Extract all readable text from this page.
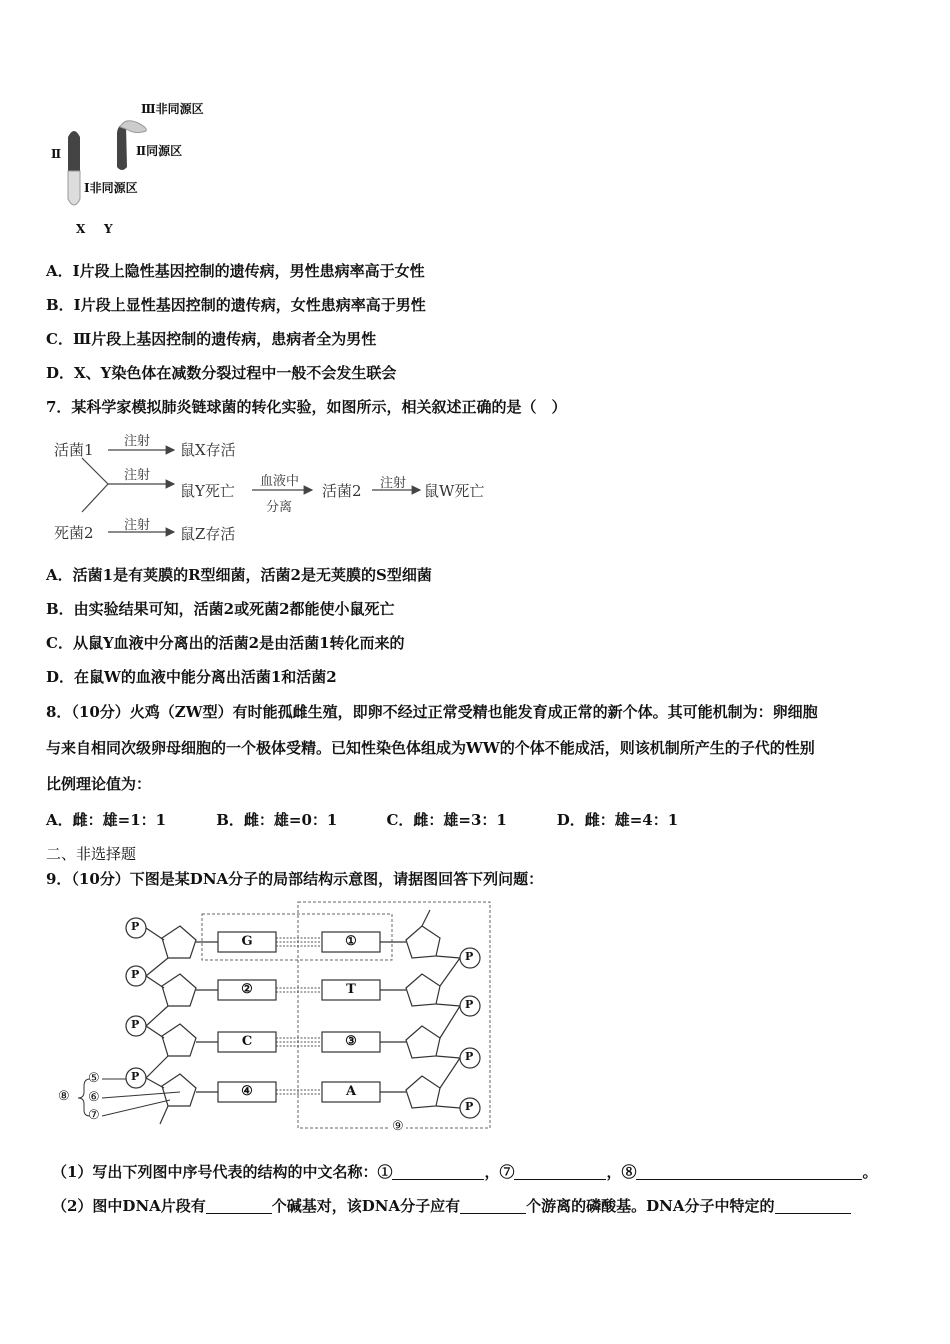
Ⅲ非同源区
Ⅱ	Ⅱ同源区
Ⅰ非同源区
X Y
A．Ⅰ片段上隐性基因控制的遗传病，男性患病率高于女性
B．Ⅰ片段上显性基因控制的遗传病，女性患病率高于男性
C．Ⅲ片段上基因控制的遗传病，患病者全为男性
D．X、Y染色体在减数分裂过程中一般不会发生联会
7．某科学家模拟肺炎链球菌的转化实验，如图所示，相关叙述正确的是（　）
活菌1 注射 鼠X存活
注射
鼠Y死亡
血液中
分离
活菌2 注射 鼠W死亡
死菌2 注射 鼠Z存活
A．活菌1是有荚膜的R型细菌，活菌2是无荚膜的S型细菌
B．由实验结果可知，活菌2或死菌2都能使小鼠死亡
C．从鼠Y血液中分离出的活菌2是由活菌1转化而来的
D．在鼠W的血液中能分离出活菌1和活菌2
8．（10分）火鸡（ZW型）有时能孤雌生殖，即卵不经过正常受精也能发育成正常的新个体。其可能机制为：卵细胞
与来自相同次级卵母细胞的一个极体受精。已知性染色体组成为WW的个体不能成活，则该机制所产生的子代的性别
比例理论值为：
A．雌：雄=1：1	B．雌：雄=0：1	C．雌：雄=3：1	D．雌：雄=4：1
二、非选择题
9．（10分）下图是某DNA分子的局部结构示意图，请据图回答下列问题：
P
P
P
P
P
P
P
P
G
②
C
④
①
T
③
A
⑤
⑥
⑦
⑧
⑨
（1）写出下列图中序号代表的结构的中文名称：①	，⑦	，⑧	。
（2）图中DNA片段有	个碱基对，该DNA分子应有	个游离的磷酸基。DNA分子中特定的
